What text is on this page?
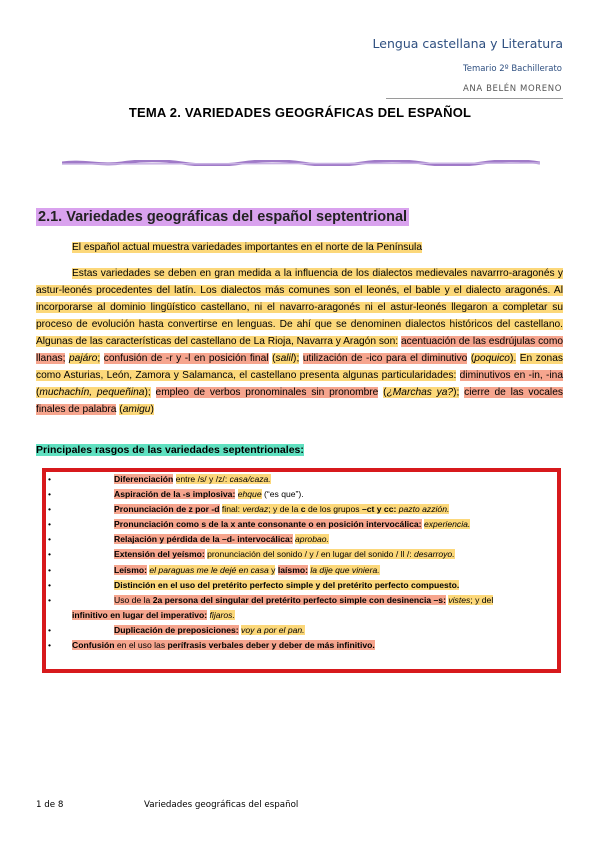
Lengua castellana y Literatura
Temario 2º Bachillerato
ANA BELÉN MORENO
TEMA 2. VARIEDADES GEOGRÁFICAS DEL ESPAÑOL
2.1. Variedades geográficas del español septentrional
El español actual muestra variedades importantes en el norte de la Península
Estas variedades se deben en gran medida a la influencia de los dialectos medievales navarrro-aragonés y astur-leonés procedentes del latín. Los dialectos más comunes son el leonés, el bable y el dialecto aragonés. Al incorporarse al dominio lingüístico castellano, ni el navarro-aragonés ni el astur-leonés llegaron a completar su proceso de evolución hasta convertirse en lenguas. De ahí que se denominen dialectos históricos del castellano. Algunas de las características del castellano de La Rioja, Navarra y Aragón son: acentuación de las esdrújulas como llanas; pajáro; confusión de -r y -l en posición final (salil); utilización de -ico para el diminutivo (poquico). En zonas como Asturias, León, Zamora y Salamanca, el castellano presenta algunas particularidades: diminutivos en -in, -ina (muchachín, pequeñina); empleo de verbos pronominales sin pronombre (¿Marchas ya?); cierre de las vocales finales de palabra (amigu)
Principales rasgos de las variedades septentrionales:
•	Diferenciación entre /s/ y /z/: casa/caza.
•	Aspiración de la -s implosiva: ehque (“es que”).
•	Pronunciación de z por -d final: verdaz; y de la c de los grupos –ct y cc: pazto azzión.
•	Pronunciación como s de la x ante consonante o en posición intervocálica: experiencia.
•	Relajación y pérdida de la –d- intervocálica: aprobao.
•	Extensión del yeísmo: pronunciación del sonido / y / en lugar del sonido / ll /: desarroyo.
•	Leísmo: el paraguas me le dejé en casa y laísmo: la dije que viniera.
•	Distinción en el uso del pretérito perfecto simple y del pretérito perfecto compuesto.
•	Uso de la 2a persona del singular del pretérito perfecto simple con desinencia –s: vistes; y del
infinitivo en lugar del imperativo: fijaros.
•	Duplicación de preposiciones: voy a por el pan.
• Confusión en el uso las perífrasis verbales deber y deber de más infinitivo.
1 de 8	Variedades geográficas del español
